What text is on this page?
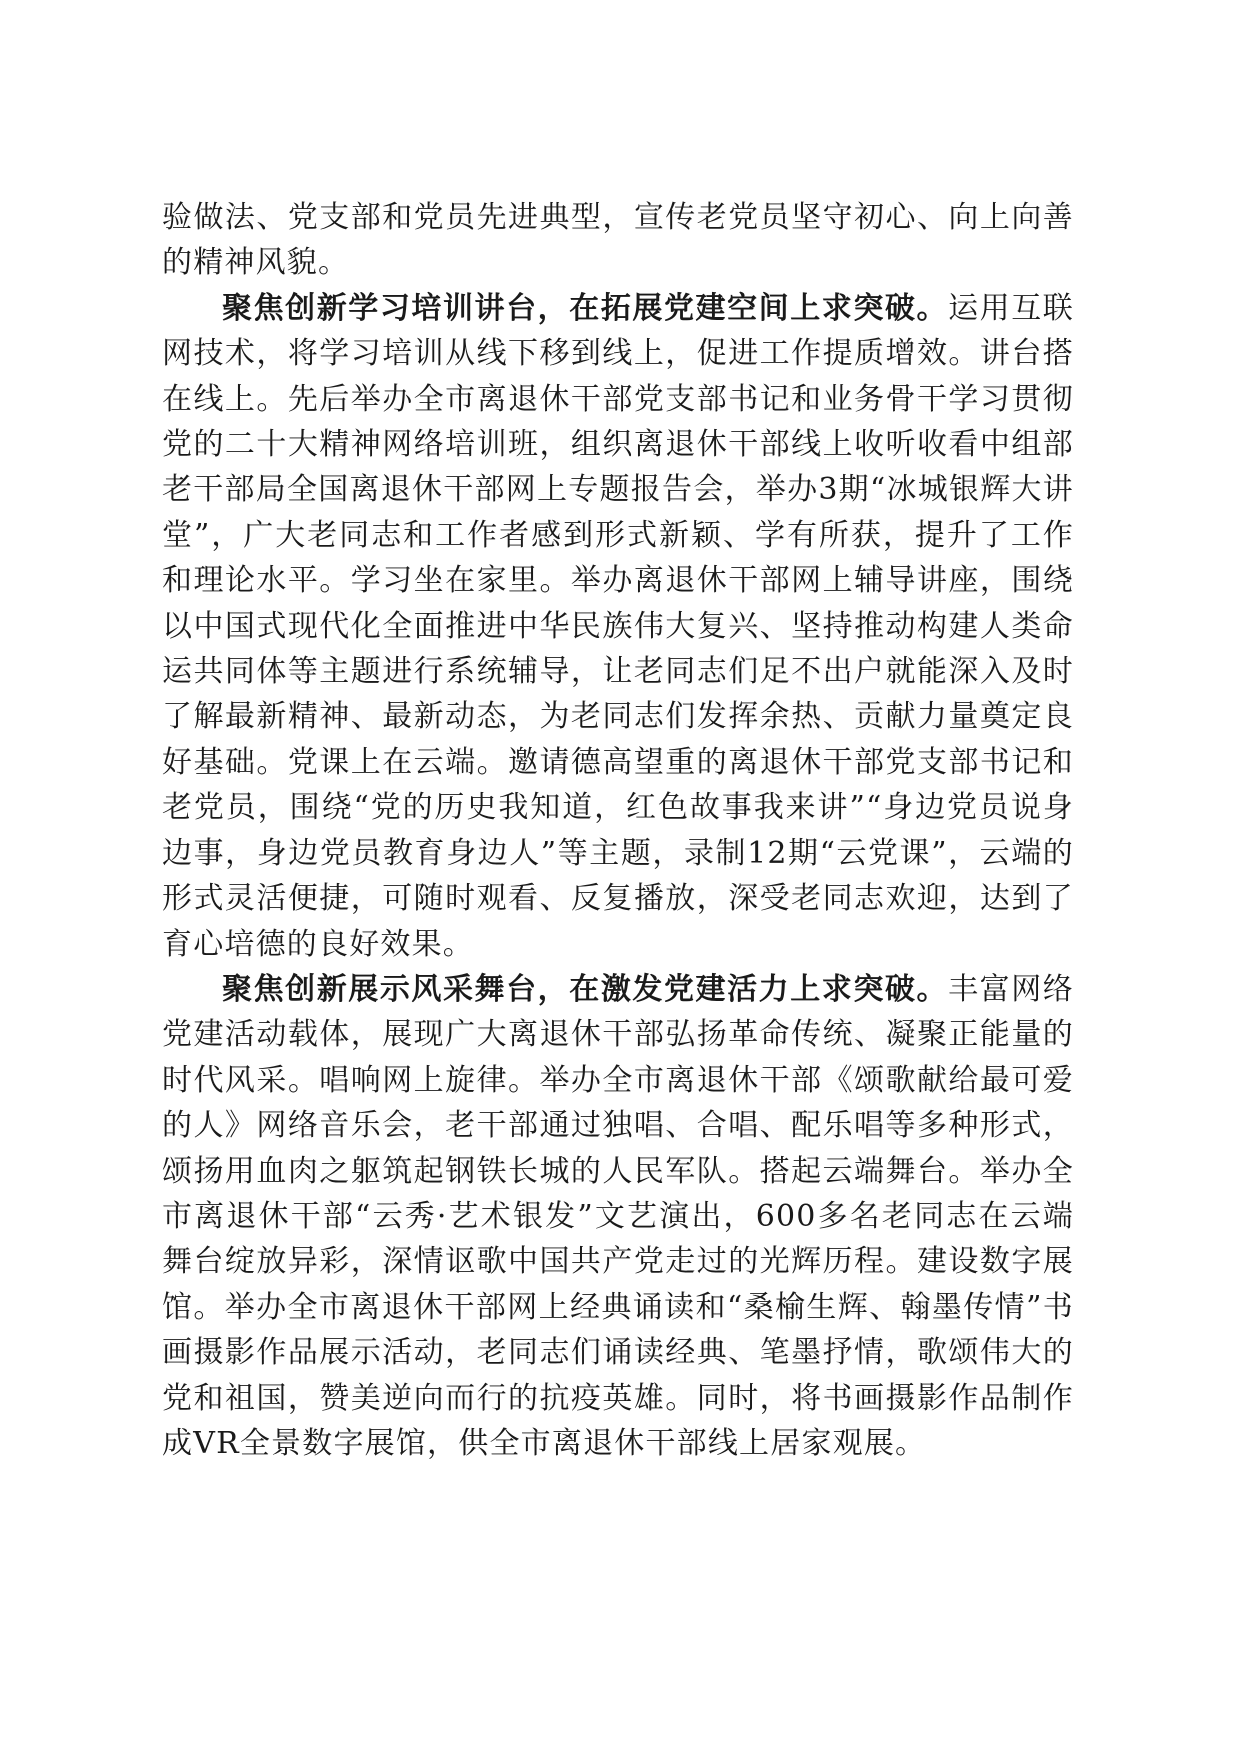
验做法、党支部和党员先进典型，宣传老党员坚守初心、向上向善的精神风貌。

聚焦创新学习培训讲台，在拓展党建空间上求突破。运用互联网技术，将学习培训从线下移到线上，促进工作提质增效。讲台搭在线上。先后举办全市离退休干部党支部书记和业务骨干学习贯彻党的二十大精神网络培训班，组织离退休干部线上收听收看中组部老干部局全国离退休干部网上专题报告会，举办3期“冰城银辉大讲堂”，广大老同志和工作者感到形式新颖、学有所获，提升了工作和理论水平。学习坐在家里。举办离退休干部网上辅导讲座，围绕以中国式现代化全面推进中华民族伟大复兴、坚持推动构建人类命运共同体等主题进行系统辅导，让老同志们足不出户就能深入及时了解最新精神、最新动态，为老同志们发挥余热、贡献力量奠定良好基础。党课上在云端。邀请德高望重的离退休干部党支部书记和老党员，围绕“党的历史我知道，红色故事我来讲”“身边党员说身边事，身边党员教育身边人”等主题，录制12期“云党课”，云端的形式灵活便捷，可随时观看、反复播放，深受老同志欢迎，达到了育心培德的良好效果。

聚焦创新展示风采舞台，在激发党建活力上求突破。丰富网络党建活动载体，展现广大离退休干部弘扬革命传统、凝聚正能量的时代风采。唱响网上旋律。举办全市离退休干部《颂歌献给最可爱的人》网络音乐会，老干部通过独唱、合唱、配乐唱等多种形式，颂扬用血肉之躯筑起钢铁长城的人民军队。搭起云端舞台。举办全市离退休干部“云秀·艺术银发”文艺演出，600多名老同志在云端舞台绽放异彩，深情讴歌中国共产党走过的光辉历程。建设数字展馆。举办全市离退休干部网上经典诵读和“桑榆生辉、翰墨传情”书画摄影作品展示活动，老同志们诵读经典、笔墨抒情，歌颂伟大的党和祖国，赞美逆向而行的抗疫英雄。同时，将书画摄影作品制作成VR全景数字展馆，供全市离退休干部线上居家观展。
